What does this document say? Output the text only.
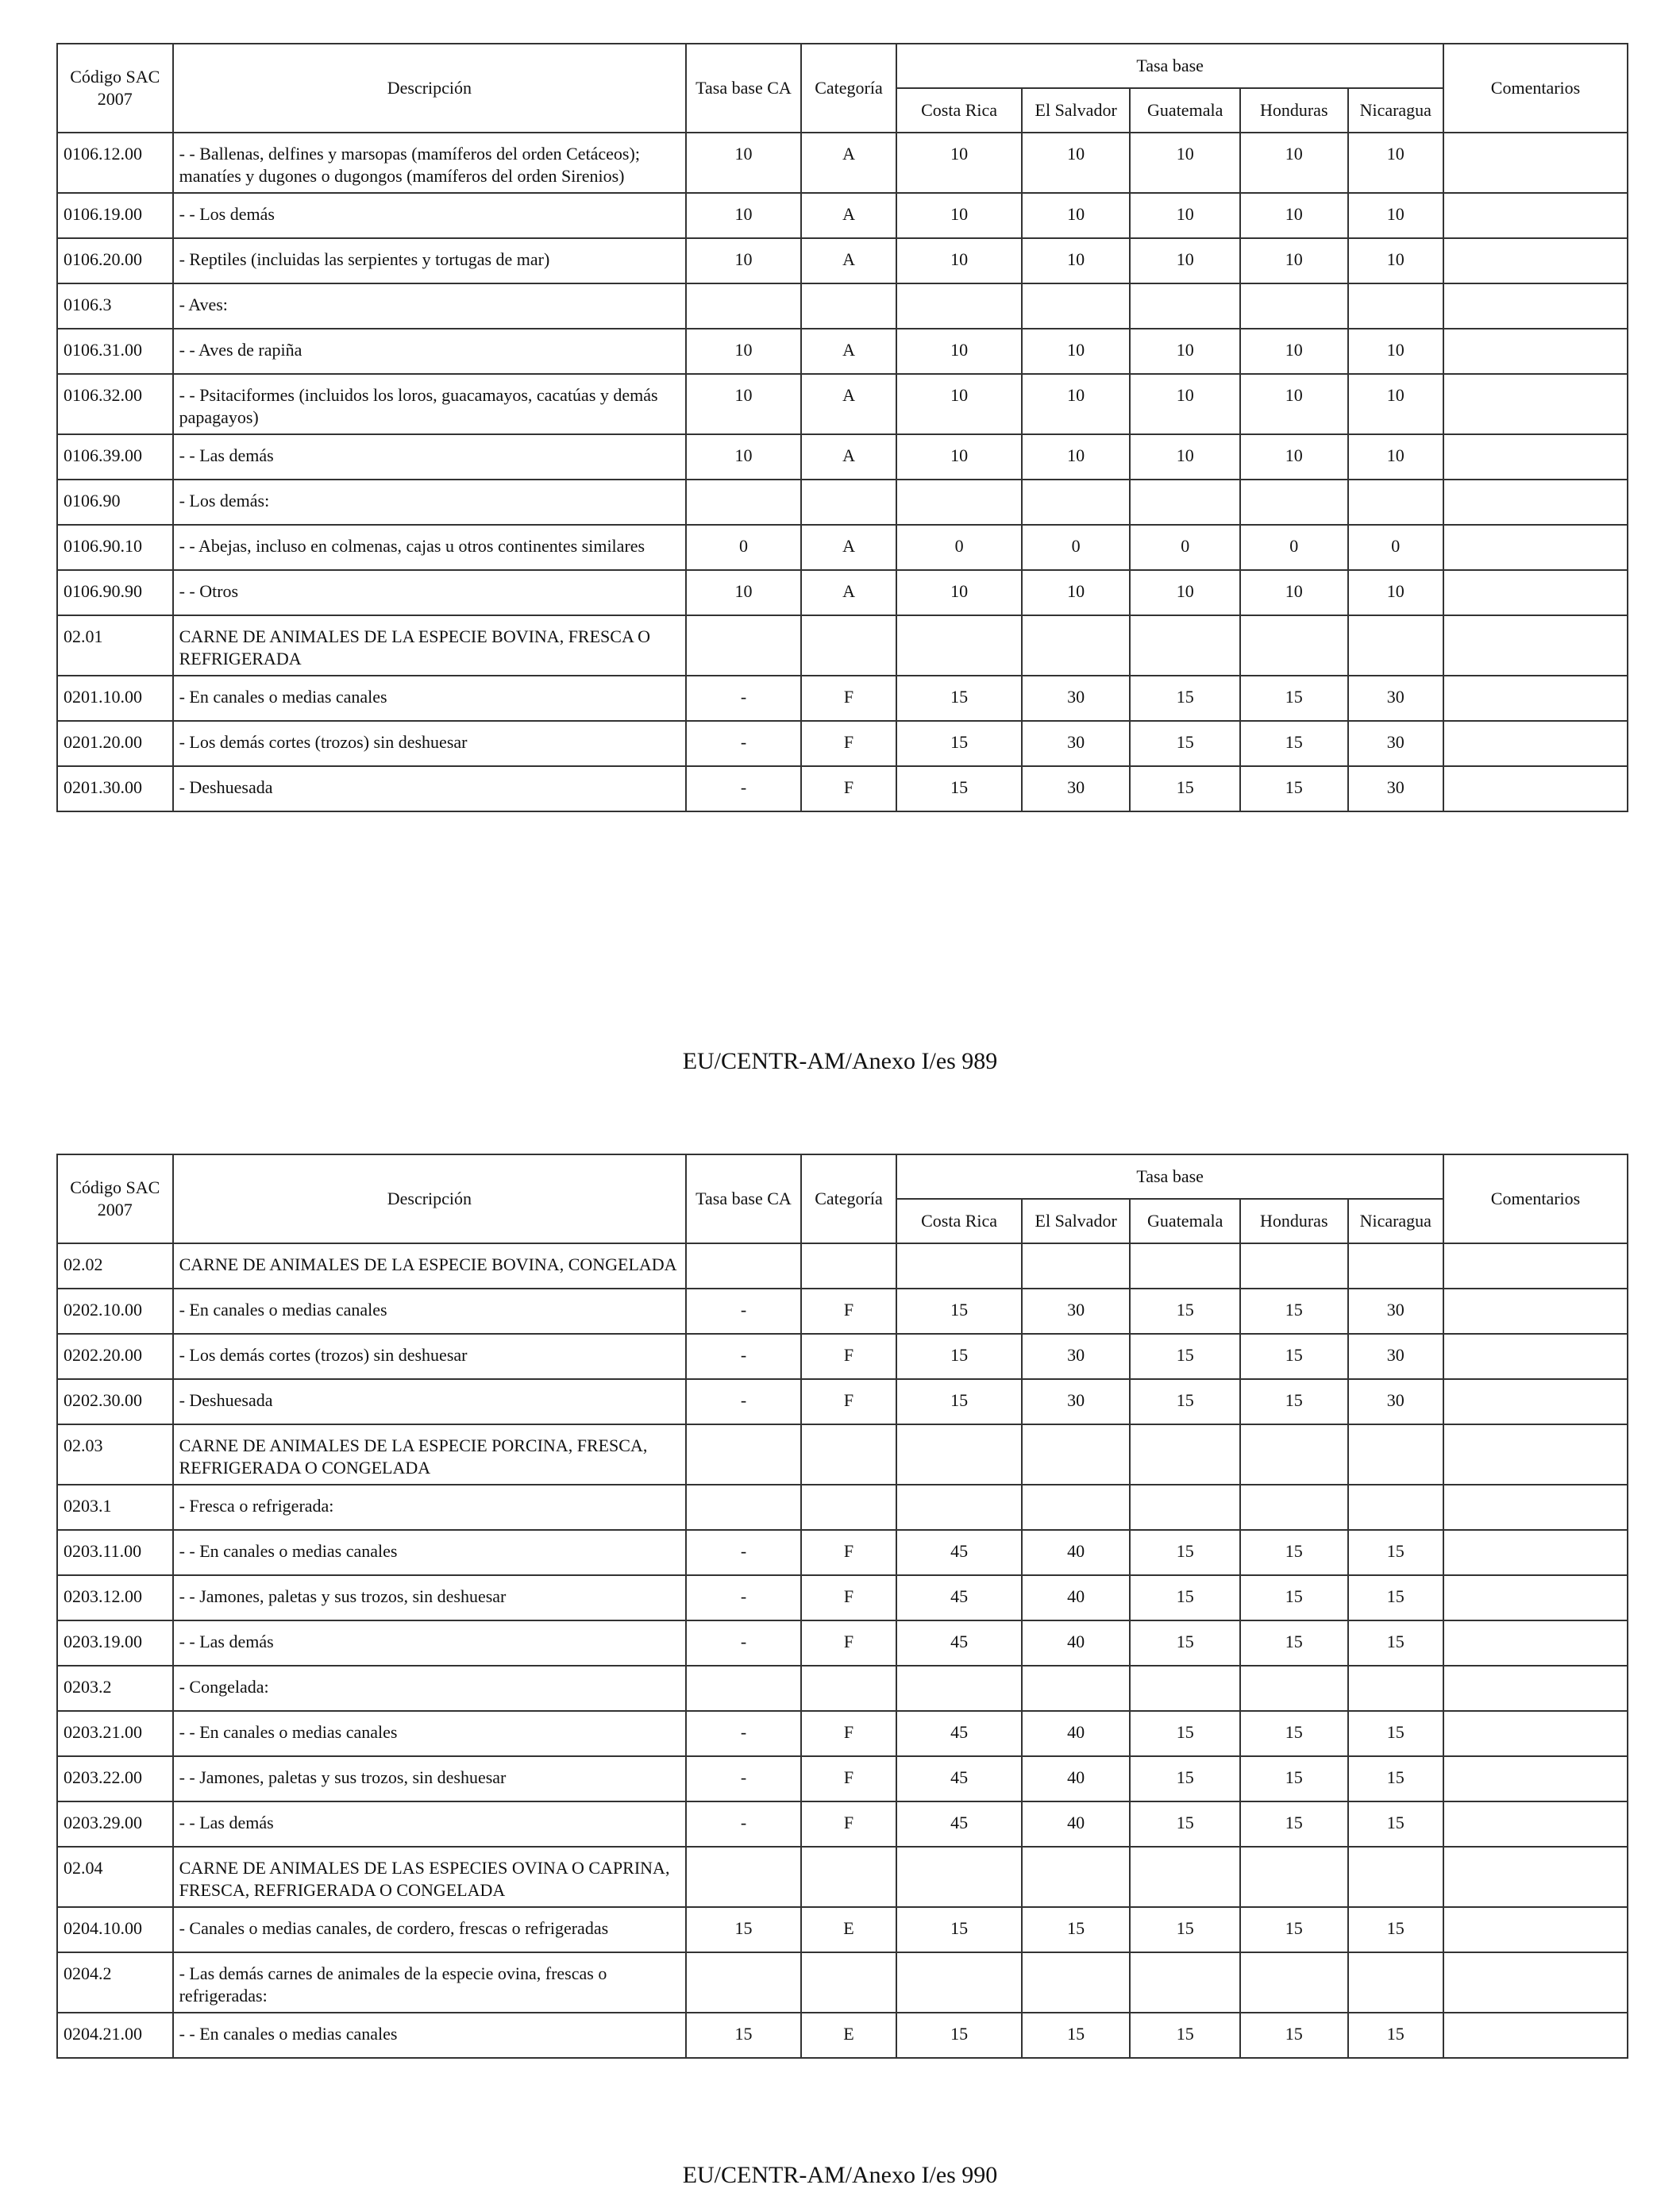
Código SAC 2007	Descripción	Tasa base CA	Categoría	Tasa base					Comentarios
				Costa Rica	El Salvador	Guatemala	Honduras	Nicaragua	
0106.12.00	- - Ballenas, delfines y marsopas (mamíferos del orden Cetáceos); manatíes y dugones o dugongos (mamíferos del orden Sirenios)	10	A	10	10	10	10	10	
0106.19.00	- - Los demás	10	A	10	10	10	10	10	
0106.20.00	- Reptiles (incluidas las serpientes y tortugas de mar)	10	A	10	10	10	10	10	
0106.3	- Aves:								
0106.31.00	- - Aves de rapiña	10	A	10	10	10	10	10	
0106.32.00	- - Psitaciformes (incluidos los loros, guacamayos, cacatúas y demás papagayos)	10	A	10	10	10	10	10	
0106.39.00	- - Las demás	10	A	10	10	10	10	10	
0106.90	- Los demás:								
0106.90.10	- - Abejas, incluso en colmenas, cajas u otros continentes similares	0	A	0	0	0	0	0	
0106.90.90	- - Otros	10	A	10	10	10	10	10	
02.01	CARNE DE ANIMALES DE LA ESPECIE BOVINA, FRESCA O REFRIGERADA								
0201.10.00	- En canales o medias canales	-	F	15	30	15	15	30	
0201.20.00	- Los demás cortes (trozos) sin deshuesar	-	F	15	30	15	15	30	
0201.30.00	- Deshuesada	-	F	15	30	15	15	30	
EU/CENTR-AM/Anexo I/es 989
Código SAC 2007	Descripción	Tasa base CA	Categoría	Tasa base					Comentarios
				Costa Rica	El Salvador	Guatemala	Honduras	Nicaragua	
02.02	CARNE DE ANIMALES DE LA ESPECIE BOVINA, CONGELADA								
0202.10.00	- En canales o medias canales	-	F	15	30	15	15	30	
0202.20.00	- Los demás cortes (trozos) sin deshuesar	-	F	15	30	15	15	30	
0202.30.00	- Deshuesada	-	F	15	30	15	15	30	
02.03	CARNE DE ANIMALES DE LA ESPECIE PORCINA, FRESCA, REFRIGERADA O CONGELADA								
0203.1	- Fresca o refrigerada:								
0203.11.00	- - En canales o medias canales	-	F	45	40	15	15	15	
0203.12.00	- - Jamones, paletas y sus trozos, sin deshuesar	-	F	45	40	15	15	15	
0203.19.00	- - Las demás	-	F	45	40	15	15	15	
0203.2	- Congelada:								
0203.21.00	- - En canales o medias canales	-	F	45	40	15	15	15	
0203.22.00	- - Jamones, paletas y sus trozos, sin deshuesar	-	F	45	40	15	15	15	
0203.29.00	- - Las demás	-	F	45	40	15	15	15	
02.04	CARNE DE ANIMALES DE LAS ESPECIES OVINA O CAPRINA, FRESCA, REFRIGERADA O CONGELADA								
0204.10.00	- Canales o medias canales, de cordero, frescas o refrigeradas	15	E	15	15	15	15	15	
0204.2	- Las demás carnes de animales de la especie ovina, frescas o refrigeradas:								
0204.21.00	- - En canales o medias canales	15	E	15	15	15	15	15	
EU/CENTR-AM/Anexo I/es 990
